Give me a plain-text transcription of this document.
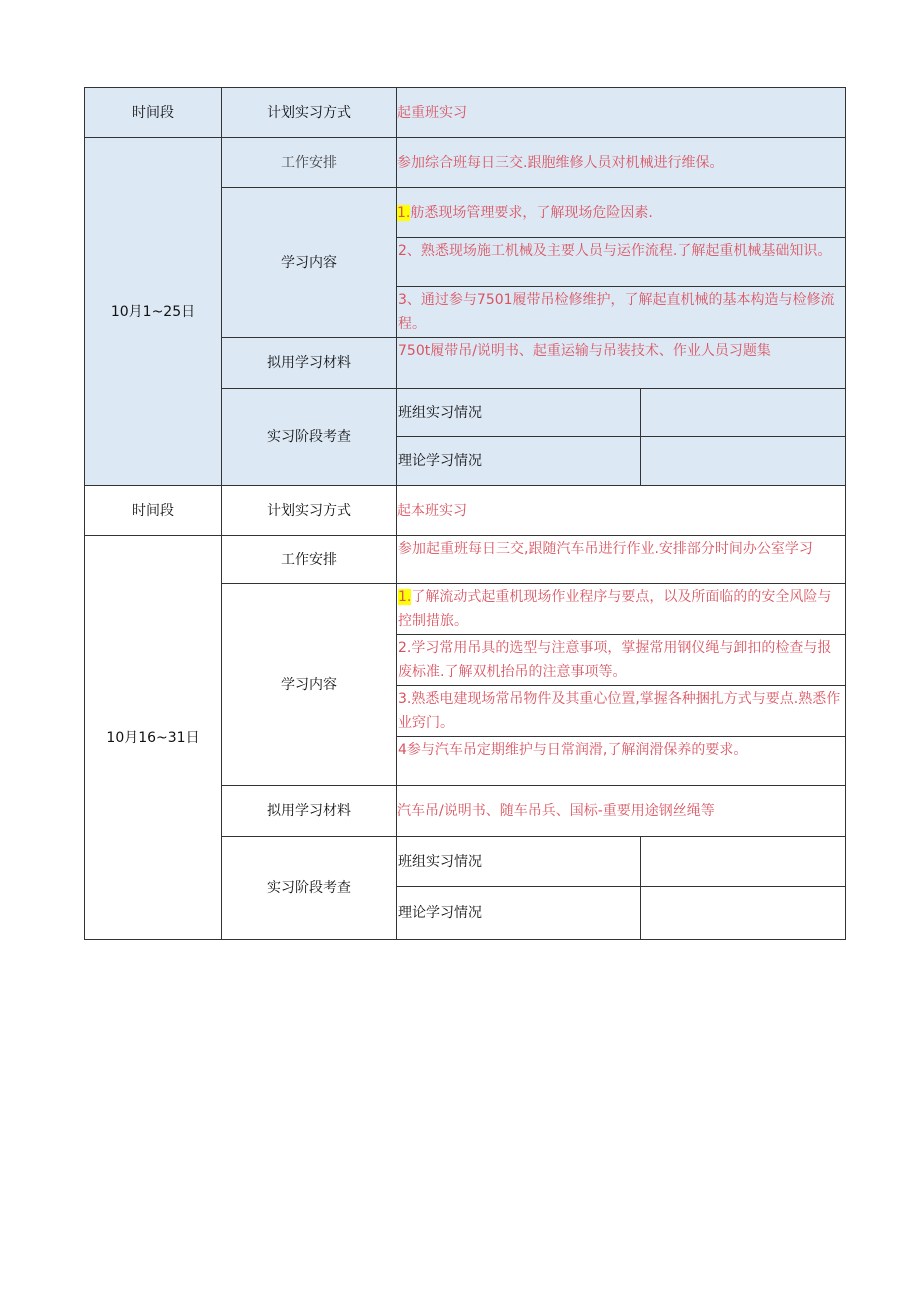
时间段	计划实习方式	起重班实习	
10月1~25日	工作安排	参加综合班每日三交.跟胞维修人员对机械进行维保。	
	学习内容	1.舫悉现场管理要求，了解现场危险因素.	
		2、熟悉现场施工机械及主要人员与运作流程.了解起重机械基础知识。	
		3、通过参与7501履带吊检修维护，了解起直机械的基本构造与检修流程。	
	拟用学习材料	750t履带吊/说明书、起重运输与吊装技术、作业人员习题集	
	实习阶段考查	班组实习情况	
		理论学习情况	
时间段	计划实习方式	起本班实习	
10月16~31日	工作安排	参加起重班每日三交,跟随汽车吊进行作业.安排部分时间办公室学习	
	学习内容	1.了解流动式起重机现场作业程序与要点，以及所面临的的安全风险与控制措旅。	
		2.学习常用吊具的选型与注意事项，掌握常用钢仪绳与卸扣的检查与报废标准.了解双机抬吊的注意事项等。	
		3.熟悉电建现场常吊物件及其重心位置,掌握各种捆扎方式与要点.熟悉作业窍门。	
		4参与汽车吊定期维护与日常润滑,了解润滑保养的要求。	
	拟用学习材料	汽车吊/说明书、随车吊兵、国标-重要用途钢丝绳等	
	实习阶段考查	班组实习情况	
		理论学习情况	
